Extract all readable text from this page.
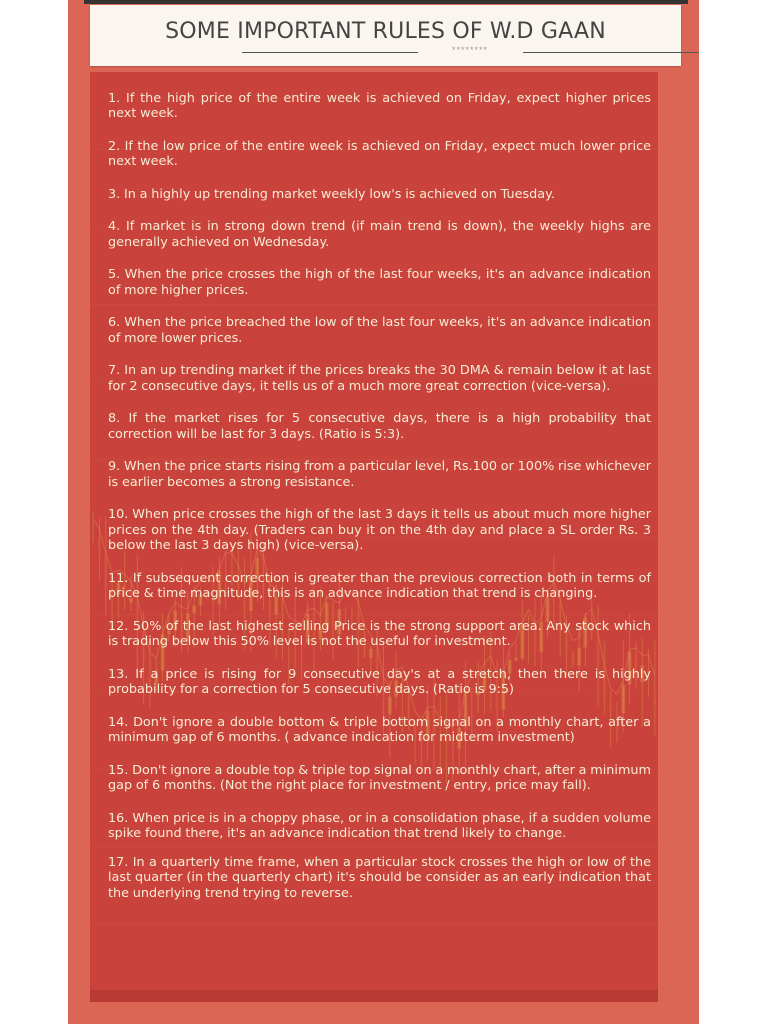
SOME IMPORTANT RULES OF W.D GAAN
********

1. If the high price of the entire week is achieved on Friday, expect higher prices next week.

2. If the low price of the entire week is achieved on Friday, expect much lower price next week.

3. In a highly up trending market weekly low's is achieved on Tuesday.

4. If market is in strong down trend (if main trend is down), the weekly highs are generally achieved on Wednesday.

5. When the price crosses the high of the last four weeks, it's an advance indication of more higher prices.

6. When the price breached the low of the last four weeks, it's an advance indication of more lower prices.

7. In an up trending market if the prices breaks the 30 DMA & remain below it at last for 2 consecutive days, it tells us of a much more great correction (vice-versa).

8. If the market rises for 5 consecutive days, there is a high probability that correction will be last for 3 days. (Ratio is 5:3).

9. When the price starts rising from a particular level, Rs.100 or 100% rise whichever is earlier becomes a strong resistance.

10. When price crosses the high of the last 3 days it tells us about much more higher prices on the 4th day. (Traders can buy it on the 4th day and place a SL order Rs. 3 below the last 3 days high) (vice-versa).

11. If subsequent correction is greater than the previous correction both in terms of price & time magnitude, this is an advance indication that trend is changing.

12. 50% of the last highest selling Price is the strong support area. Any stock which is trading below this 50% level is not the useful for investment.

13. If a price is rising for 9 consecutive day's at a stretch, then there is highly probability for a correction for 5 consecutive days. (Ratio is 9:5)

14. Don't ignore a double bottom & triple bottom signal on a monthly chart, after a minimum gap of 6 months. ( advance indication for midterm investment)

15. Don't ignore a double top & triple top signal on a monthly chart, after a minimum gap of 6 months. (Not the right place for investment / entry, price may fall).

16. When price is in a choppy phase, or in a consolidation phase, if a sudden volume spike found there, it's an advance indication that trend likely to change.

17. In a quarterly time frame, when a particular stock crosses the high or low of the last quarter (in the quarterly chart) it's should be consider as an early indication that the underlying trend trying to reverse.
